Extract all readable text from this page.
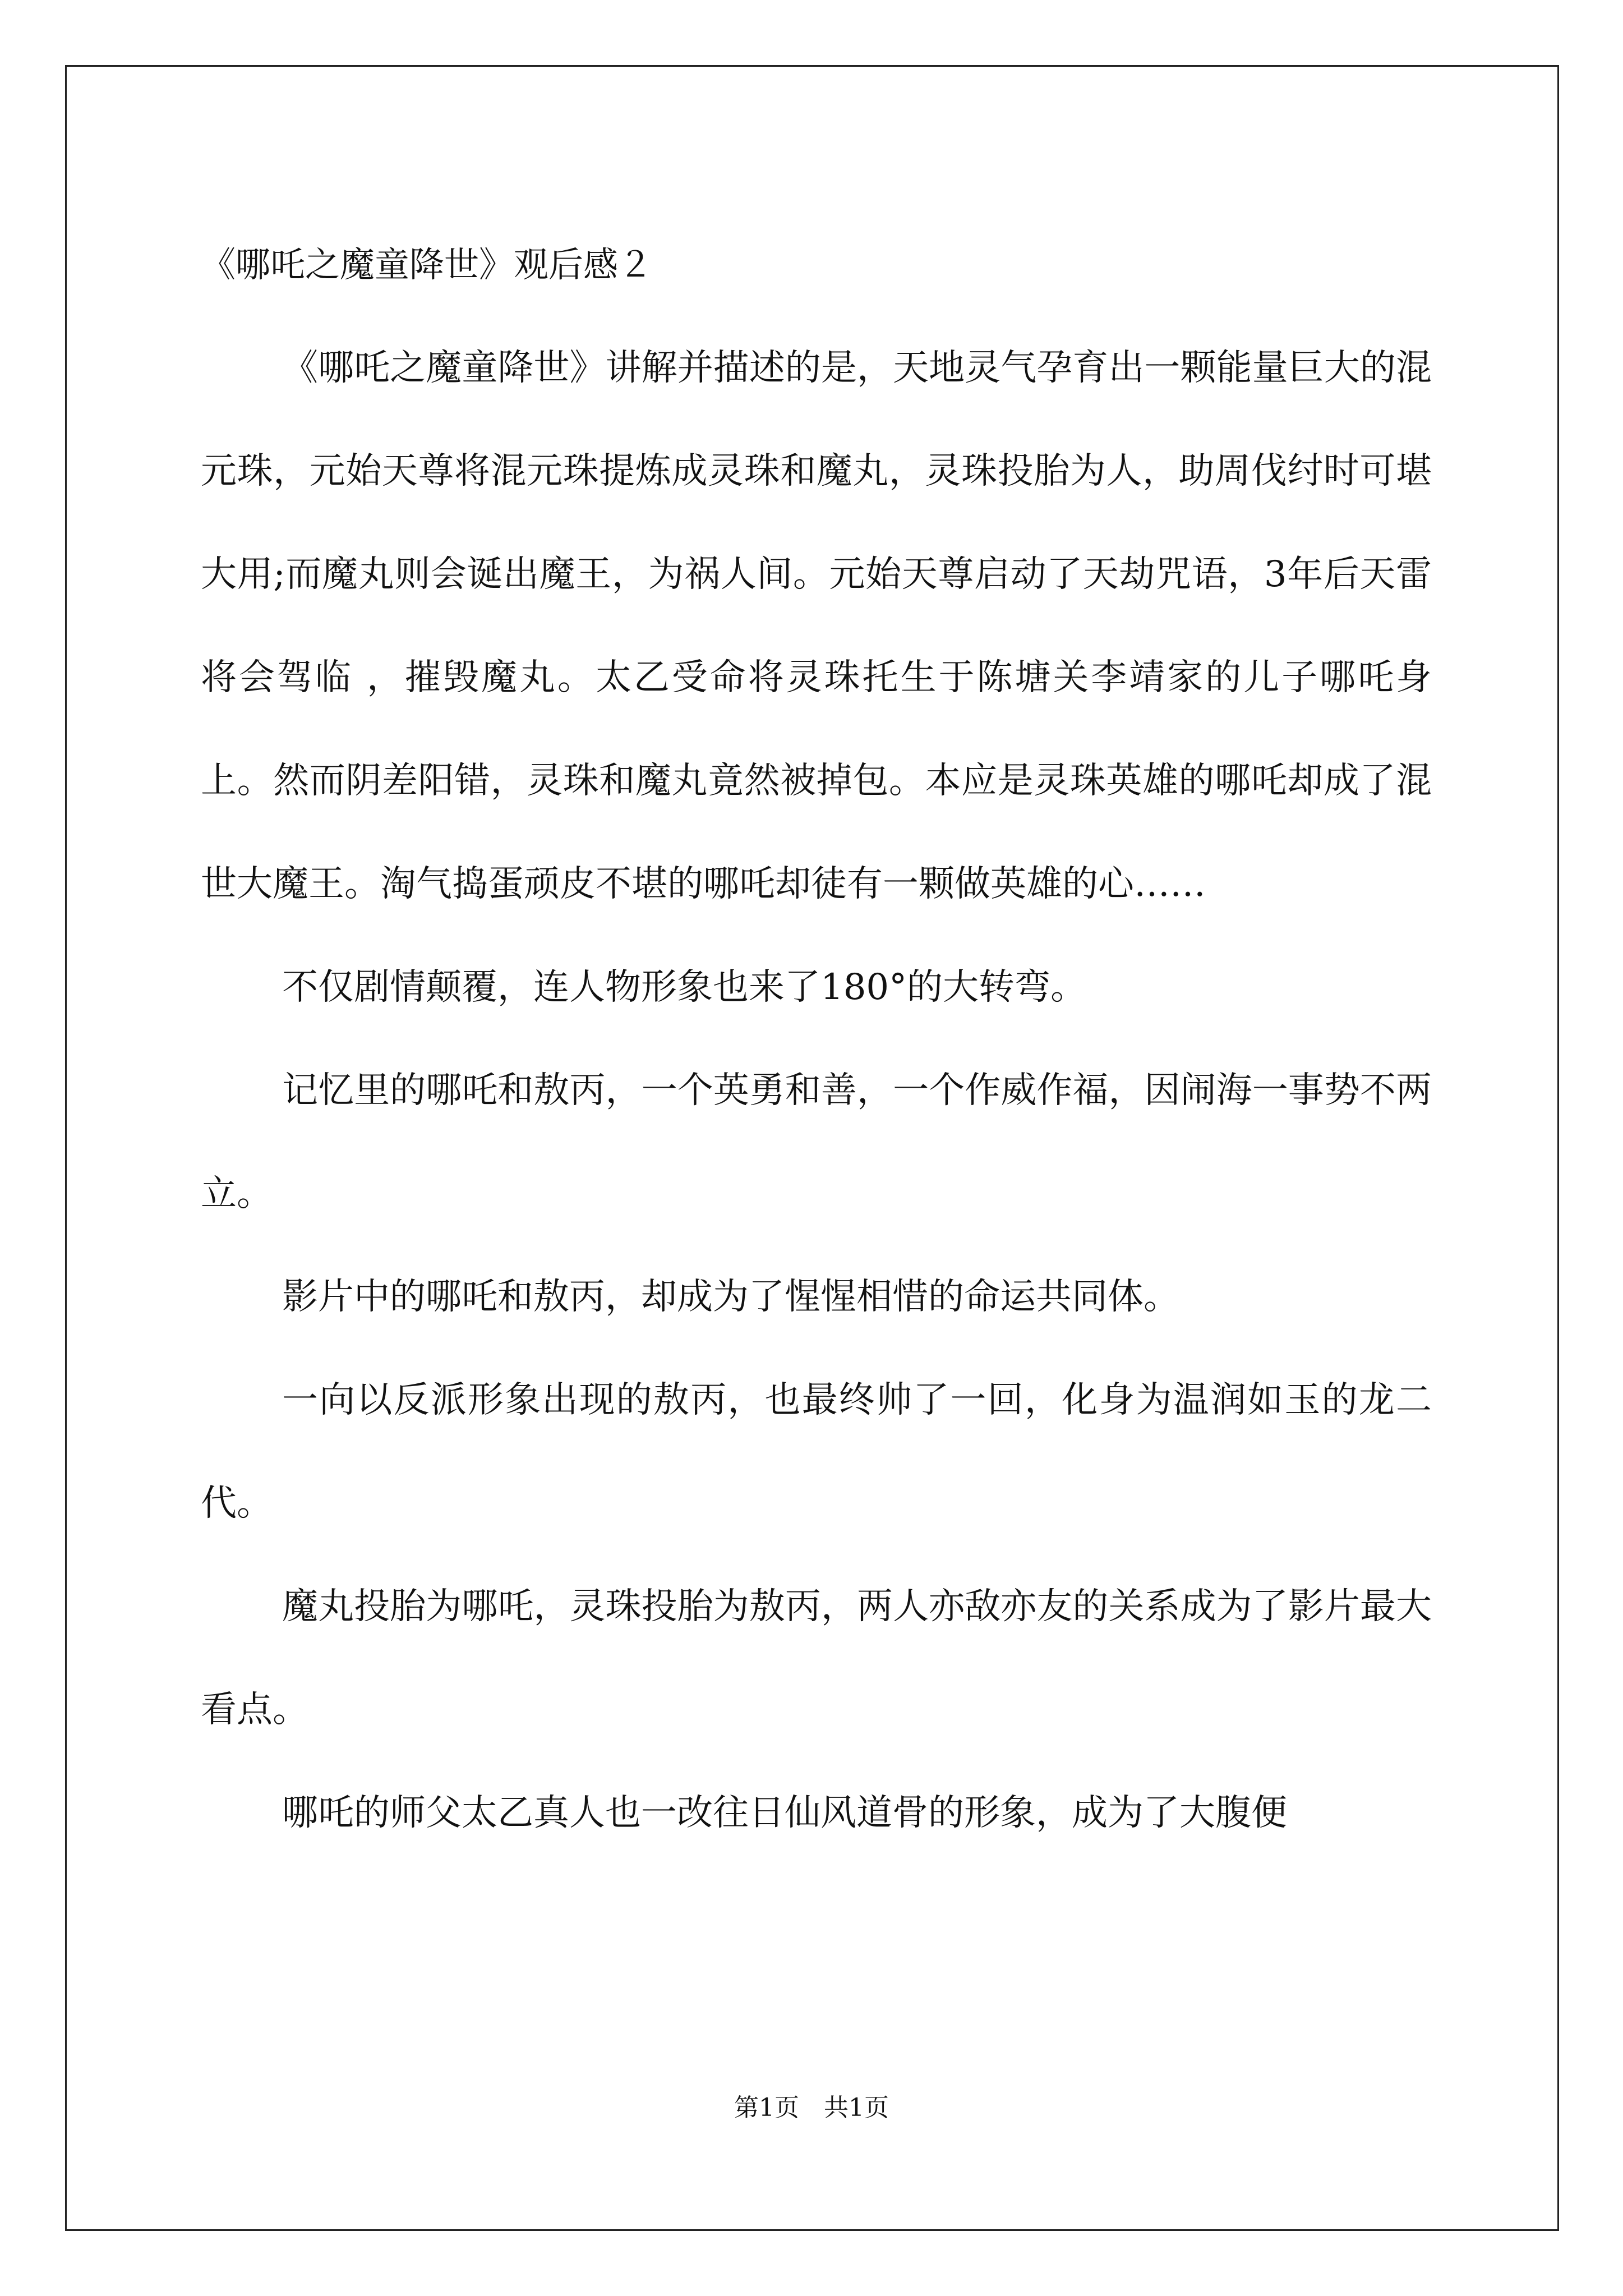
《哪吒之魔童降世》观后感２

《哪吒之魔童降世》讲解并描述的是，天地灵气孕育出一颗能量巨大的混元珠，元始天尊将混元珠提炼成灵珠和魔丸，灵珠投胎为人，助周伐纣时可堪大用;而魔丸则会诞出魔王，为祸人间。元始天尊启动了天劫咒语，3年后天雷将会驾临 ，摧毁魔丸。太乙受命将灵珠托生于陈塘关李靖家的儿子哪吒身上。然而阴差阳错，灵珠和魔丸竟然被掉包。本应是灵珠英雄的哪吒却成了混世大魔王。淘气捣蛋顽皮不堪的哪吒却徒有一颗做英雄的心……

不仅剧情颠覆，连人物形象也来了180°的大转弯。

记忆里的哪吒和敖丙，一个英勇和善，一个作威作福，因闹海一事势不两立。

影片中的哪吒和敖丙，却成为了惺惺相惜的命运共同体。

一向以反派形象出现的敖丙，也最终帅了一回，化身为温润如玉的龙二代。

魔丸投胎为哪吒，灵珠投胎为敖丙，两人亦敌亦友的关系成为了影片最大看点。

哪吒的师父太乙真人也一改往日仙风道骨的形象，成为了大腹便

第1页 共1页
